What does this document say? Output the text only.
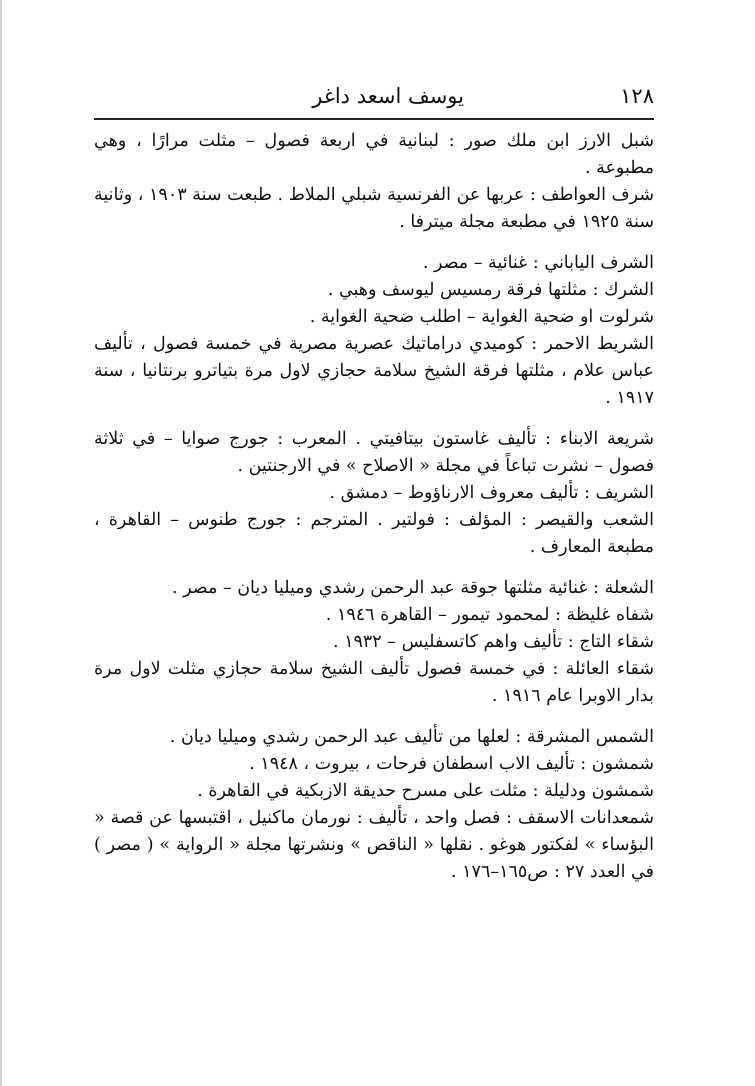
١٢٨
يوسف اسعد داغر

شبل الارز ابن ملك صور : لبنانية في اربعة فصول – مثلت مرارًا ، وهي مطبوعة .

شرف العواطف : عربها عن الفرنسية شبلي الملاط . طبعت سنة ١٩٠٣ ، وثانية سنة ١٩٢٥ في مطبعة مجلة ميترفا .

الشرف الياباني : غنائية – مصر .

الشرك : مثلتها فرقة رمسيس ليوسف وهبي .

شرلوت او ضحية الغواية – اطلب ضحية الغواية .

الشريط الاحمر : كوميدي دراماتيك عصرية مصرية في خمسة فصول ، تأليف عباس علام ، مثلتها فرقة الشيخ سلامة حجازي لاول مرة بتياترو برنتانيا ، سنة ١٩١٧ .

شريعة الابناء : تأليف غاستون بيتافيتي . المعرب : جورج صوايا – في ثلاثة فصول – نشرت تباعاً في مجلة « الاصلاح » في الارجنتين .

الشريف : تأليف معروف الارناؤوط – دمشق .

الشعب والقيصر : المؤلف : فولتير . المترجم : جورج طنوس – القاهرة ، مطبعة المعارف .

الشعلة : غنائية مثلتها جوقة عبد الرحمن رشدي وميليا ديان – مصر .

شفاه غليظة : لمحمود تيمور – القاهرة ١٩٤٦ .

شقاء التاج : تأليف واهم كاتسفليس – ١٩٣٢ .

شقاء العائلة : في خمسة فصول تأليف الشيخ سلامة حجازي مثلت لاول مرة بدار الاوبرا عام ١٩١٦ .

الشمس المشرقة : لعلها من تأليف عبد الرحمن رشدي وميليا ديان .

شمشون : تأليف الاب اسطفان فرحات ، بيروت ، ١٩٤٨ .

شمشون ودليلة : مثلت على مسرح حديقة الازبكية في القاهرة .

شمعدانات الاسقف : فصل واحد ، تأليف : نورمان ماكنيل ، اقتبسها عن قصة « البؤساء » لفكتور هوغو . نقلها « الناقص » ونشرتها مجلة « الرواية » ( مصر ) في العدد ٢٧ : ص١٦٥–١٧٦ .
